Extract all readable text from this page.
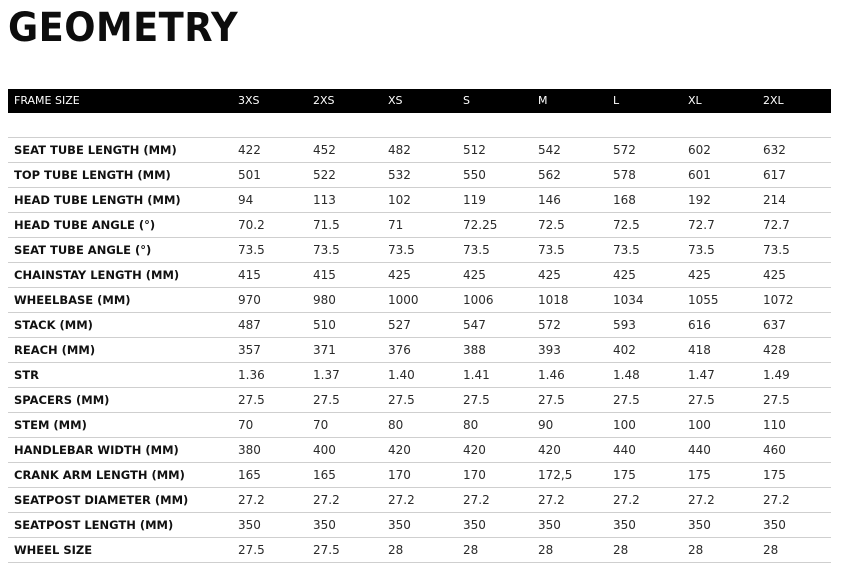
GEOMETRY
FRAME SIZE	3XS	2XS	XS	S	M	L	XL	2XL
SEAT TUBE LENGTH (MM)	422	452	482	512	542	572	602	632
TOP TUBE LENGTH (MM)	501	522	532	550	562	578	601	617
HEAD TUBE LENGTH (MM)	94	113	102	119	146	168	192	214
HEAD TUBE ANGLE (°)	70.2	71.5	71	72.25	72.5	72.5	72.7	72.7
SEAT TUBE ANGLE (°)	73.5	73.5	73.5	73.5	73.5	73.5	73.5	73.5
CHAINSTAY LENGTH (MM)	415	415	425	425	425	425	425	425
WHEELBASE (MM)	970	980	1000	1006	1018	1034	1055	1072
STACK (MM)	487	510	527	547	572	593	616	637
REACH (MM)	357	371	376	388	393	402	418	428
STR	1.36	1.37	1.40	1.41	1.46	1.48	1.47	1.49
SPACERS (MM)	27.5	27.5	27.5	27.5	27.5	27.5	27.5	27.5
STEM (MM)	70	70	80	80	90	100	100	110
HANDLEBAR WIDTH (MM)	380	400	420	420	420	440	440	460
CRANK ARM LENGTH (MM)	165	165	170	170	172,5	175	175	175
SEATPOST DIAMETER (MM)	27.2	27.2	27.2	27.2	27.2	27.2	27.2	27.2
SEATPOST LENGTH (MM)	350	350	350	350	350	350	350	350
WHEEL SIZE	27.5	27.5	28	28	28	28	28	28
